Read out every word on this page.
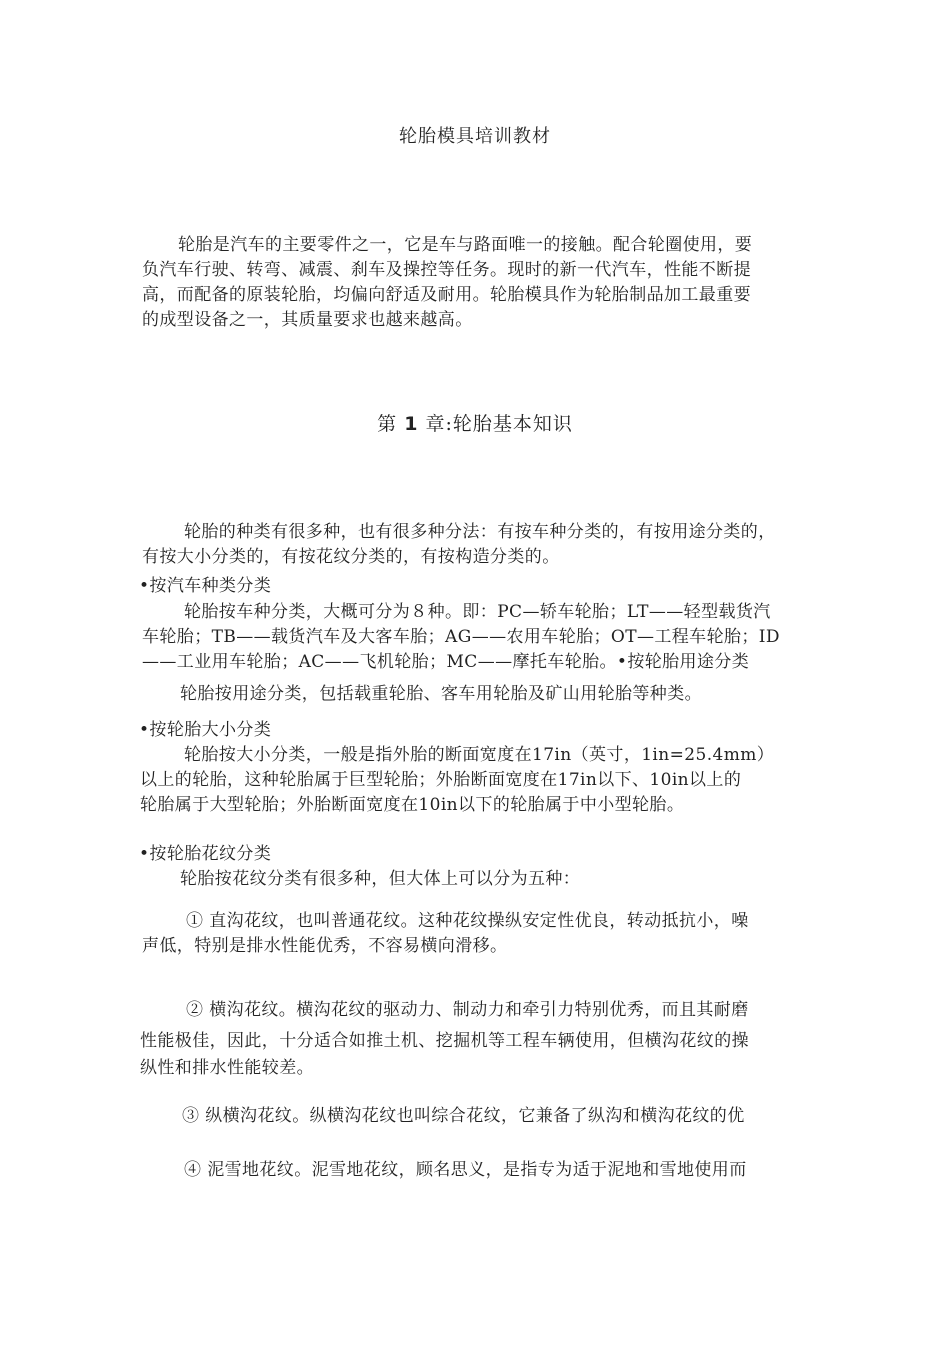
轮胎模具培训教材
轮胎是汽车的主要零件之一，它是车与路面唯一的接触。配合轮圈使用，要
负汽车行驶、转弯、减震、刹车及操控等任务。现时的新一代汽车，性能不断提
高，而配备的原装轮胎，均偏向舒适及耐用。轮胎模具作为轮胎制品加工最重要
的成型设备之一，其质量要求也越来越高。
第 1 章:轮胎基本知识
轮胎的种类有很多种，也有很多种分法：有按车种分类的，有按用途分类的，
有按大小分类的，有按花纹分类的，有按构造分类的。
•按汽车种类分类
轮胎按车种分类，大概可分为８种。即：PC—轿车轮胎；LT——轻型载货汽
车轮胎；TB——载货汽车及大客车胎；AG——农用车轮胎；OT—工程车轮胎；ID
——工业用车轮胎；AC——飞机轮胎；MC——摩托车轮胎。•按轮胎用途分类
轮胎按用途分类，包括载重轮胎、客车用轮胎及矿山用轮胎等种类。
•按轮胎大小分类
轮胎按大小分类，一般是指外胎的断面宽度在17in（英寸，1in=25.4mm）
以上的轮胎，这种轮胎属于巨型轮胎；外胎断面宽度在17in以下、10in以上的
轮胎属于大型轮胎；外胎断面宽度在10in以下的轮胎属于中小型轮胎。
•按轮胎花纹分类
轮胎按花纹分类有很多种，但大体上可以分为五种：
① 直沟花纹，也叫普通花纹。这种花纹操纵安定性优良，转动抵抗小，噪
声低，特别是排水性能优秀，不容易横向滑移。
② 横沟花纹。横沟花纹的驱动力、制动力和牵引力特别优秀，而且其耐磨
性能极佳，因此，十分适合如推土机、挖掘机等工程车辆使用，但横沟花纹的操
纵性和排水性能较差。
③ 纵横沟花纹。纵横沟花纹也叫综合花纹，它兼备了纵沟和横沟花纹的优
④ 泥雪地花纹。泥雪地花纹，顾名思义，是指专为适于泥地和雪地使用而
